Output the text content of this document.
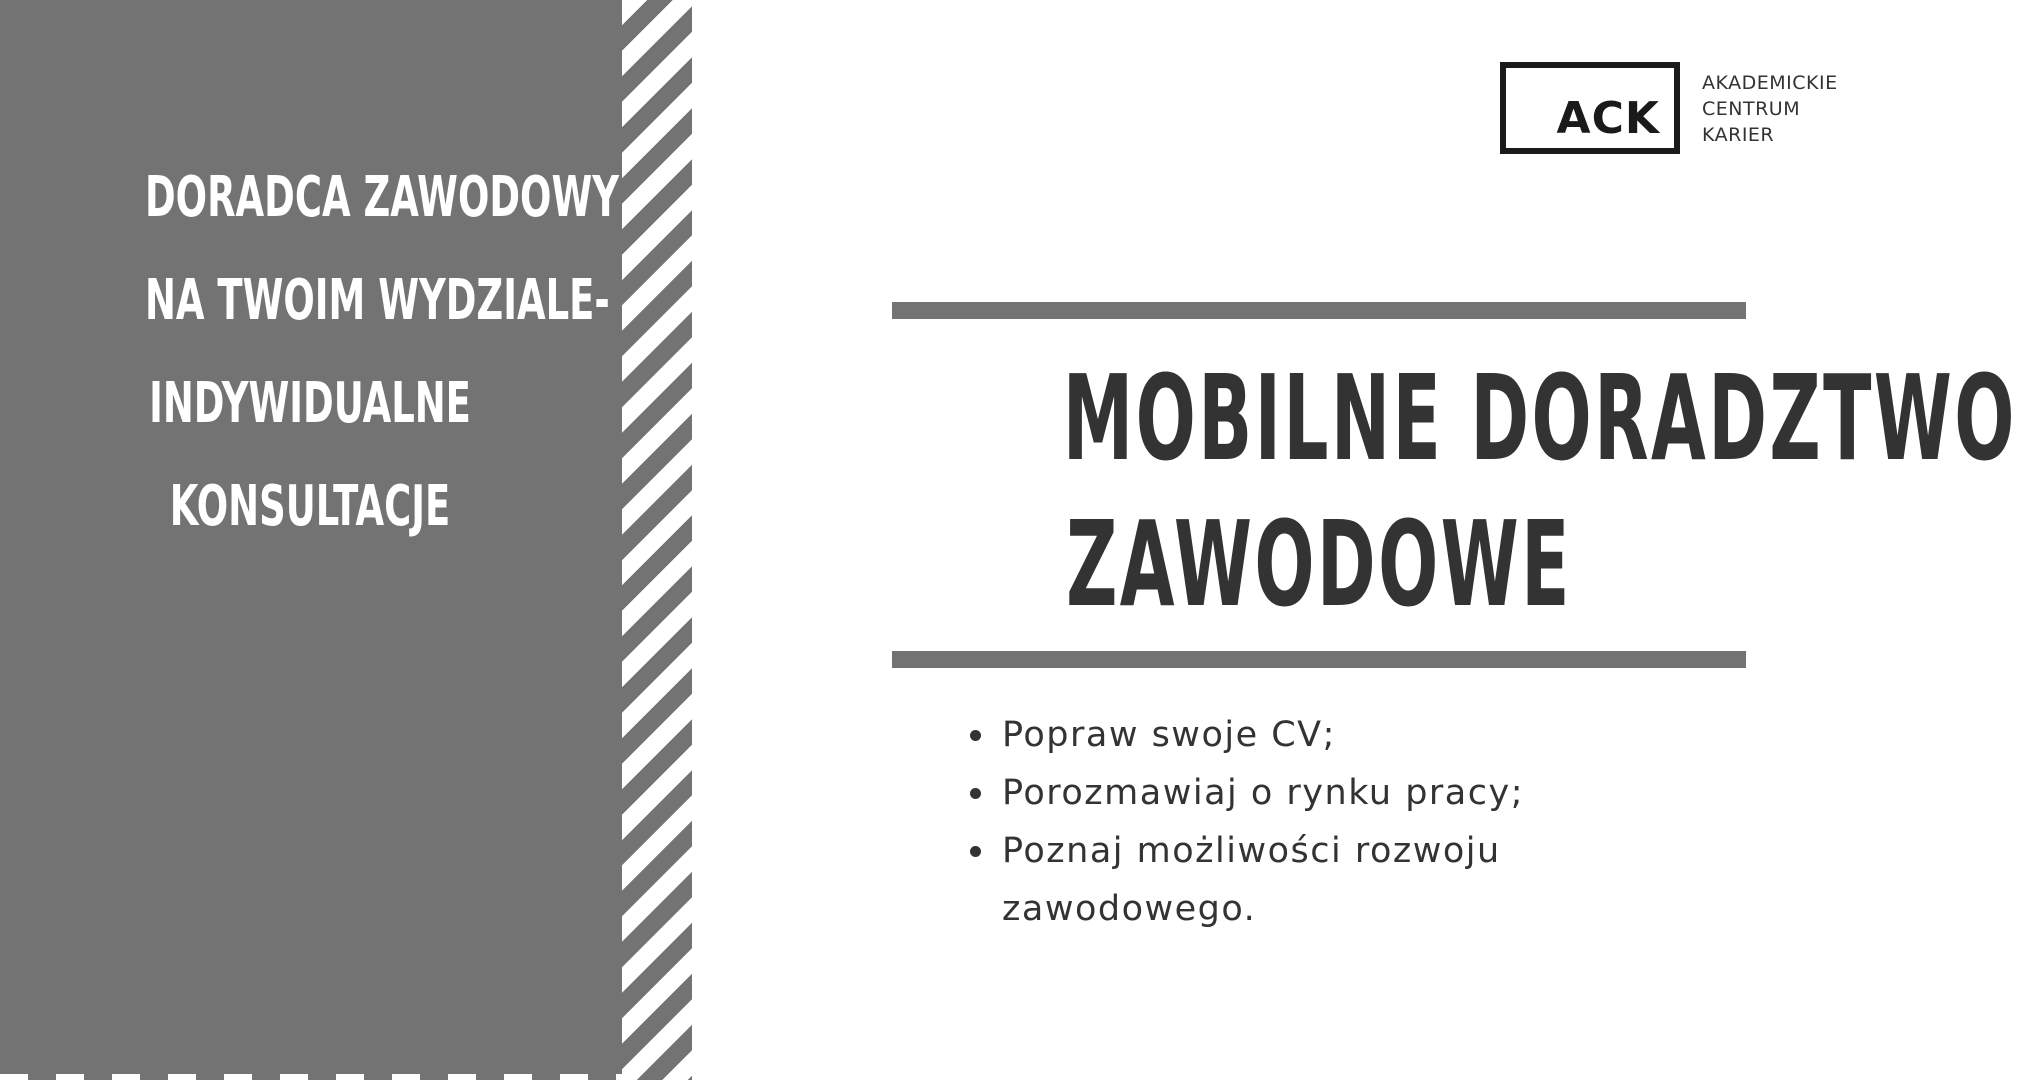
DORADCA ZAWODOWY
NA TWOIM WYDZIALE-
INDYWIDUALNE
KONSULTACJE
ACK
AKADEMICKIE
CENTRUM
KARIER
MOBILNE DORADZTWO
ZAWODOWE
Popraw swoje CV;
Porozmawiaj o rynku pracy;
Poznaj możliwości rozwoju zawodowego.
